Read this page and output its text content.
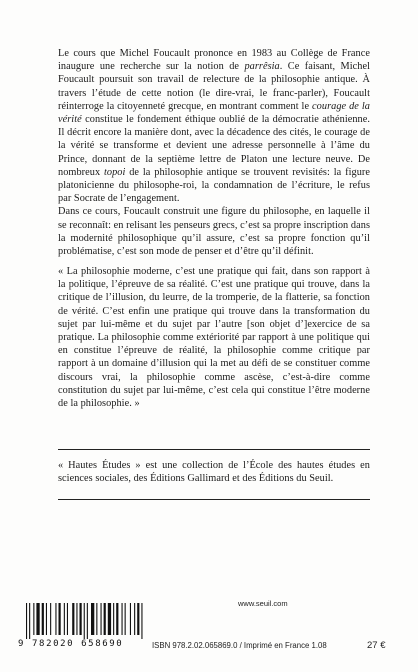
Le cours que Michel Foucault prononce en 1983 au Collège de France inaugure une recherche sur la notion de parrêsia. Ce faisant, Michel Foucault poursuit son travail de relecture de la philosophie antique. À travers l’étude de cette notion (le dire-vrai, le franc-parler), Foucault réinterroge la citoyenneté grecque, en montrant comment le courage de la vérité constitue le fondement éthique oublié de la démocratie athénienne. Il décrit encore la manière dont, avec la décadence des cités, le courage de la vérité se transforme et devient une adresse personnelle à l’âme du Prince, donnant de la septième lettre de Platon une lecture neuve. De nombreux topoi de la philosophie antique se trouvent revisités: la figure platonicienne du philosophe-roi, la condamnation de l’écriture, le refus par Socrate de l’engagement.

Dans ce cours, Foucault construit une figure du philosophe, en laquelle il se reconnaît: en relisant les penseurs grecs, c’est sa propre inscription dans la modernité philosophique qu’il assure, c’est sa propre fonction qu’il problématise, c’est son mode de penser et d’être qu’il définit.

« La philosophie moderne, c’est une pratique qui fait, dans son rapport à la politique, l’épreuve de sa réalité. C’est une pratique qui trouve, dans la critique de l’illusion, du leurre, de la tromperie, de la flatterie, sa fonction de vérité. C’est enfin une pratique qui trouve dans la transformation du sujet par lui-même et du sujet par l’autre [son objet d’]exercice de sa pratique. La philosophie comme extériorité par rapport à une politique qui en constitue l’épreuve de réalité, la philosophie comme critique par rapport à un domaine d’illusion qui la met au défi de se constituer comme discours vrai, la philosophie comme ascèse, c’est-à-dire comme constitution du sujet par lui-même, c’est cela qui constitue l’être moderne de la philosophie. »
« Hautes Études » est une collection de l’École des hautes études en sciences sociales, des Éditions Gallimard et des Éditions du Seuil.
www.seuil.com
9 782020 658690	ISBN 978.2.02.065869.0 / Imprimé en France 1.08	27 €
